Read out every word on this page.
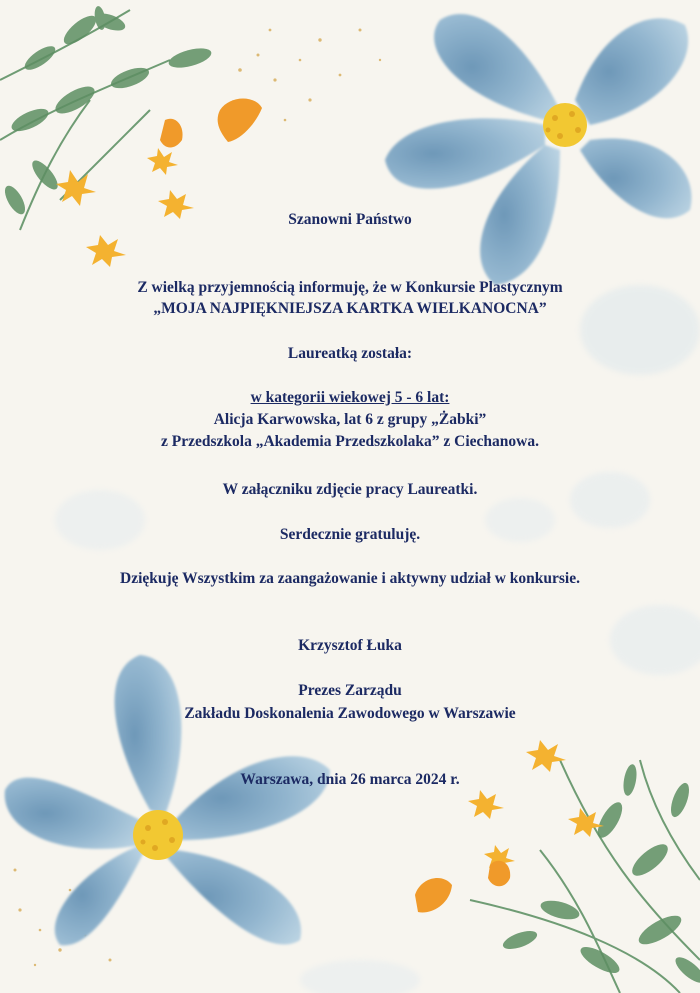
Szanowni Państwo
Z wielką przyjemnością informuję, że w Konkursie Plastycznym
„MOJA NAJPIĘKNIEJSZA KARTKA WIELKANOCNA”
Laureatką została:
w kategorii wiekowej 5 - 6 lat:
Alicja Karwowska, lat 6 z grupy „Żabki”
z Przedszkola „Akademia Przedszkolaka” z Ciechanowa.
W załączniku zdjęcie pracy Laureatki.
Serdecznie gratuluję.
Dziękuję Wszystkim za zaangażowanie i aktywny udział w konkursie.
Krzysztof Łuka
Prezes Zarządu
Zakładu Doskonalenia Zawodowego w Warszawie
Warszawa, dnia 26 marca 2024 r.
